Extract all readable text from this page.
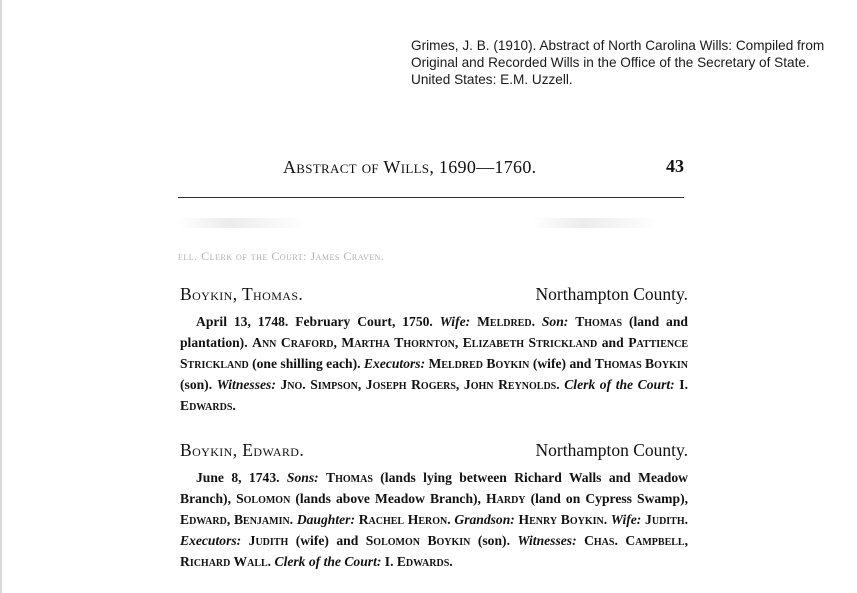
Grimes, J. B. (1910). Abstract of North Carolina Wills: Compiled from Original and Recorded Wills in the Office of the Secretary of State. United States: E.M. Uzzell.
Abstract of Wills, 1690—1760.	43
ell. Clerk of the Court: James Craven.
Boykin, Thomas.	Northampton County.
April 13, 1748. February Court, 1750. Wife: Meldred. Son: Thomas (land and plantation). Ann Craford, Martha Thornton, Elizabeth Strickland and Pattience Strickland (one shilling each). Executors: Meldred Boykin (wife) and Thomas Boykin (son). Witnesses: Jno. Simpson, Joseph Rogers, John Reynolds. Clerk of the Court: I. Edwards.
Boykin, Edward.	Northampton County.
June 8, 1743. Sons: Thomas (lands lying between Richard Walls and Meadow Branch), Solomon (lands above Meadow Branch), Hardy (land on Cypress Swamp), Edward, Benjamin. Daughter: Rachel Heron. Grandson: Henry Boykin. Wife: Judith. Executors: Judith (wife) and Solomon Boykin (son). Witnesses: Chas. Campbell, Richard Wall. Clerk of the Court: I. Edwards.
